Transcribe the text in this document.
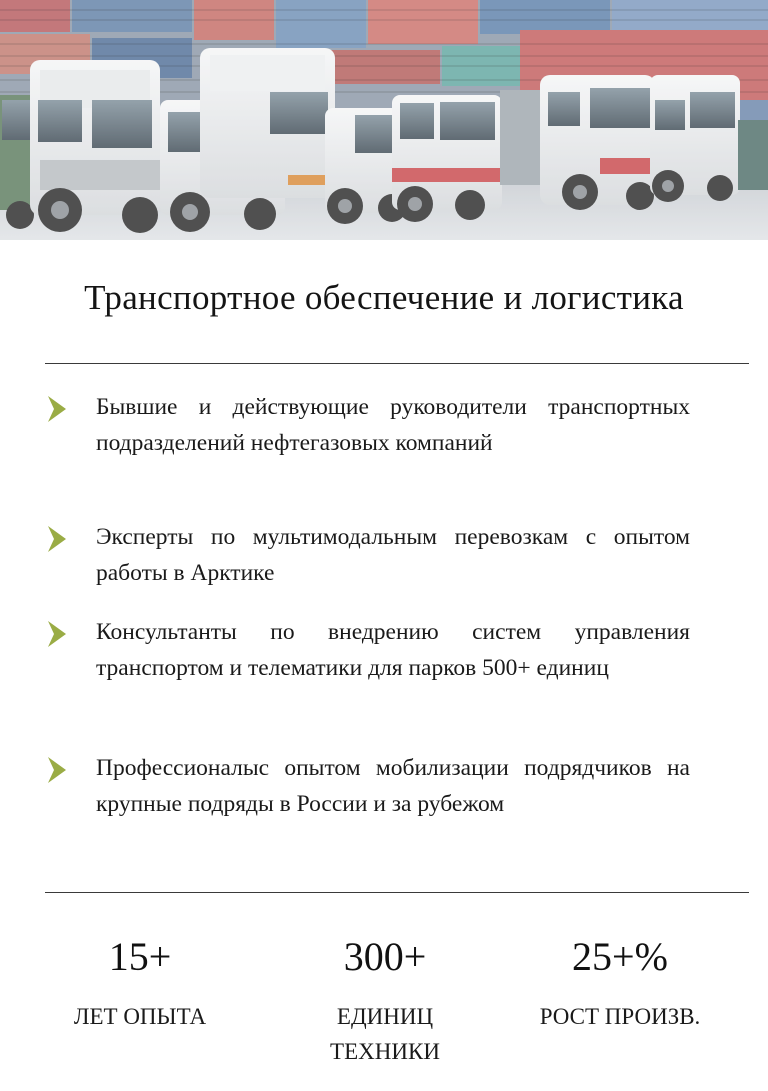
Транспортное обеспечение и логистика
Бывшие и действующие руководители транспортных подразделений нефтегазовых компаний
Эксперты по мультимодальным перевозкам с опытом работы в Арктике
Консультанты по внедрению систем управления транспортом и телематики для парков 500+ единиц
Профессионалыс опытом мобилизации подрядчиков на крупные подряды в России и за рубежом
15+
ЛЕТ ОПЫТА
300+
ЕДИНИЦ ТЕХНИКИ
25+%
РОСТ ПРОИЗВ.
